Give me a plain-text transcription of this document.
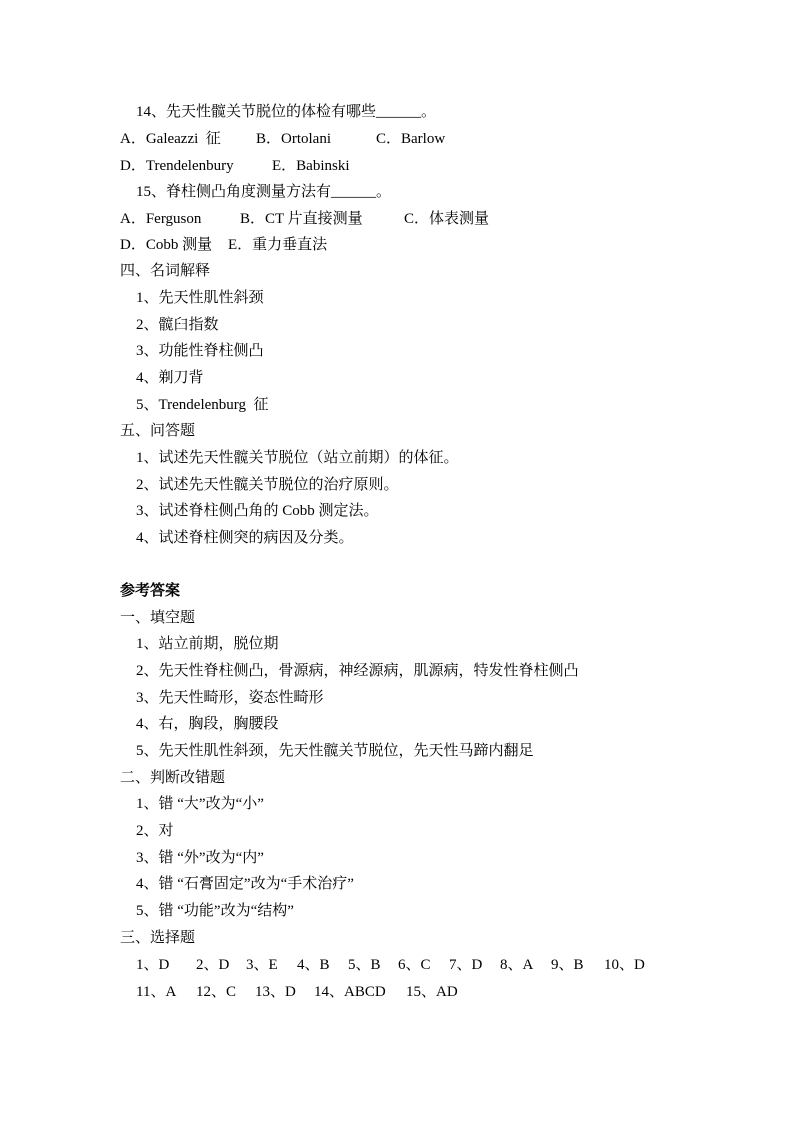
14、先天性髋关节脱位的体检有哪些______。
A．Galeazzi  征 B．Ortolani	C．Barlow
D．Trendelenbury	E．Babinski
15、脊柱侧凸角度测量方法有______。
A．Ferguson	B．CT 片直接测量	C．体表测量
D．Cobb 测量 E．重力垂直法
四、名词解释
1、先天性肌性斜颈
2、髋臼指数
3、功能性脊柱侧凸
4、剃刀背
5、Trendelenburg  征
五、问答题
1、试述先天性髋关节脱位（站立前期）的体征。
2、试述先天性髋关节脱位的治疗原则。
3、试述脊柱侧凸角的 Cobb 测定法。
4、试述脊柱侧突的病因及分类。
参考答案
一、填空题
1、站立前期，脱位期
2、先天性脊柱侧凸，骨源病，神经源病，肌源病，特发性脊柱侧凸
3、先天性畸形，姿态性畸形
4、右，胸段，胸腰段
5、先天性肌性斜颈，先天性髋关节脱位，先天性马蹄内翻足
二、判断改错题
1、错 “大”改为“小”
2、对
3、错 “外”改为“内”
4、错 “石膏固定”改为“手术治疗”
5、错 “功能”改为“结构”
三、选择题
1、D 2、D 3、E 4、B 5、B 6、C 7、D 8、A 9、B 10、D
11、A 12、C 13、D 14、ABCD 15、AD
